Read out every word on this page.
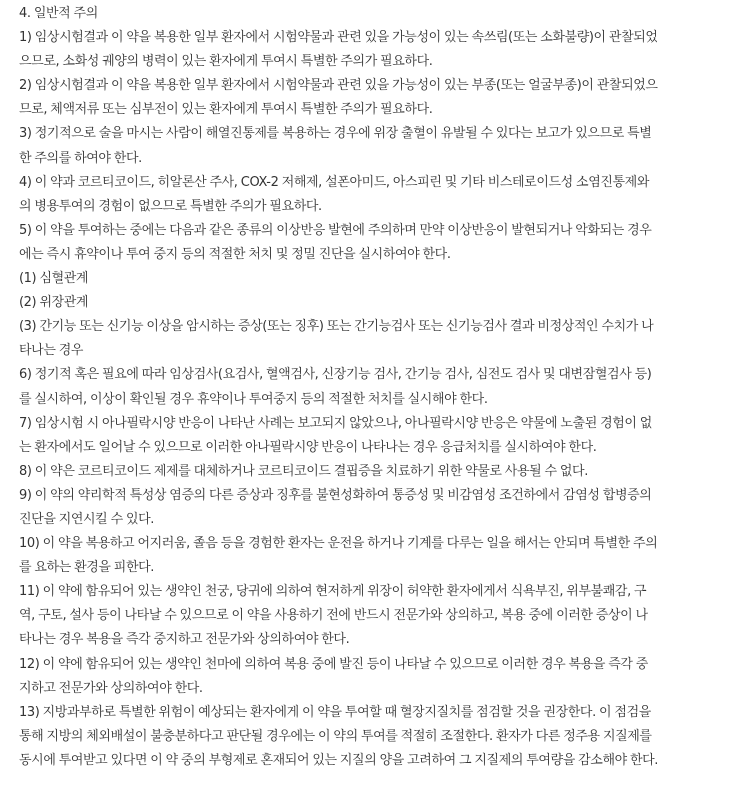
4. 일반적 주의
1) 임상시험결과 이 약을 복용한 일부 환자에서 시험약물과 관련 있을 가능성이 있는 속쓰림(또는 소화불량)이 관찰되었
으므로, 소화성 궤양의 병력이 있는 환자에게 투여시 특별한 주의가 필요하다.
2) 임상시험결과 이 약을 복용한 일부 환자에서 시험약물과 관련 있을 가능성이 있는 부종(또는 얼굴부종)이 관찰되었으
므로, 체액저류 또는 심부전이 있는 환자에게 투여시 특별한 주의가 필요하다.
3) 정기적으로 술을 마시는 사람이 해열진통제를 복용하는 경우에 위장 출혈이 유발될 수 있다는 보고가 있으므로 특별
한 주의를 하여야 한다.
4) 이 약과 코르티코이드, 히알론산 주사, COX-2 저해제, 설폰아미드, 아스피린 및 기타 비스테로이드성 소염진통제와
의 병용투여의 경험이 없으므로 특별한 주의가 필요하다.
5) 이 약을 투여하는 중에는 다음과 같은 종류의 이상반응 발현에 주의하며 만약 이상반응이 발현되거나 악화되는 경우
에는 즉시 휴약이나 투여 중지 등의 적절한 처치 및 정밀 진단을 실시하여야 한다.
(1) 심혈관계
(2) 위장관계
(3) 간기능 또는 신기능 이상을 암시하는 증상(또는 징후) 또는 간기능검사 또는 신기능검사 결과 비정상적인 수치가 나
타나는 경우
6) 정기적 혹은 필요에 따라 임상검사(요검사, 혈액검사, 신장기능 검사, 간기능 검사, 심전도 검사 및 대변잠혈검사 등)
를 실시하여, 이상이 확인될 경우 휴약이나 투여중지 등의 적절한 처치를 실시해야 한다.
7) 임상시험 시 아나필락시양 반응이 나타난 사례는 보고되지 않았으나, 아나필락시양 반응은 약물에 노출된 경험이 없
는 환자에서도 일어날 수 있으므로 이러한 아나필락시양 반응이 나타나는 경우 응급처치를 실시하여야 한다.
8) 이 약은 코르티코이드 제제를 대체하거나 코르티코이드 결핍증을 치료하기 위한 약물로 사용될 수 없다.
9) 이 약의 약리학적 특성상 염증의 다른 증상과 징후를 불현성화하여 통증성 및 비감염성 조건하에서 감염성 합병증의
진단을 지연시킬 수 있다.
10) 이 약을 복용하고 어지러움, 졸음 등을 경험한 환자는 운전을 하거나 기계를 다루는 일을 해서는 안되며 특별한 주의
를 요하는 환경을 피한다.
11) 이 약에 함유되어 있는 생약인 천궁, 당귀에 의하여 현저하게 위장이 허약한 환자에게서 식욕부진, 위부불쾌감, 구
역, 구토, 설사 등이 나타날 수 있으므로 이 약을 사용하기 전에 반드시 전문가와 상의하고, 복용 중에 이러한 증상이 나
타나는 경우 복용을 즉각 중지하고 전문가와 상의하여야 한다.
12) 이 약에 함유되어 있는 생약인 천마에 의하여 복용 중에 발진 등이 나타날 수 있으므로 이러한 경우 복용을 즉각 중
지하고 전문가와 상의하여야 한다.
13) 지방과부하로 특별한 위험이 예상되는 환자에게 이 약을 투여할 때 혈장지질치를 점검할 것을 권장한다. 이 점검을
통해 지방의 체외배설이 불충분하다고 판단될 경우에는 이 약의 투여를 적절히 조절한다. 환자가 다른 정주용 지질제를
동시에 투여받고 있다면 이 약 중의 부형제로 혼재되어 있는 지질의 양을 고려하여 그 지질제의 투여량을 감소해야 한다.
